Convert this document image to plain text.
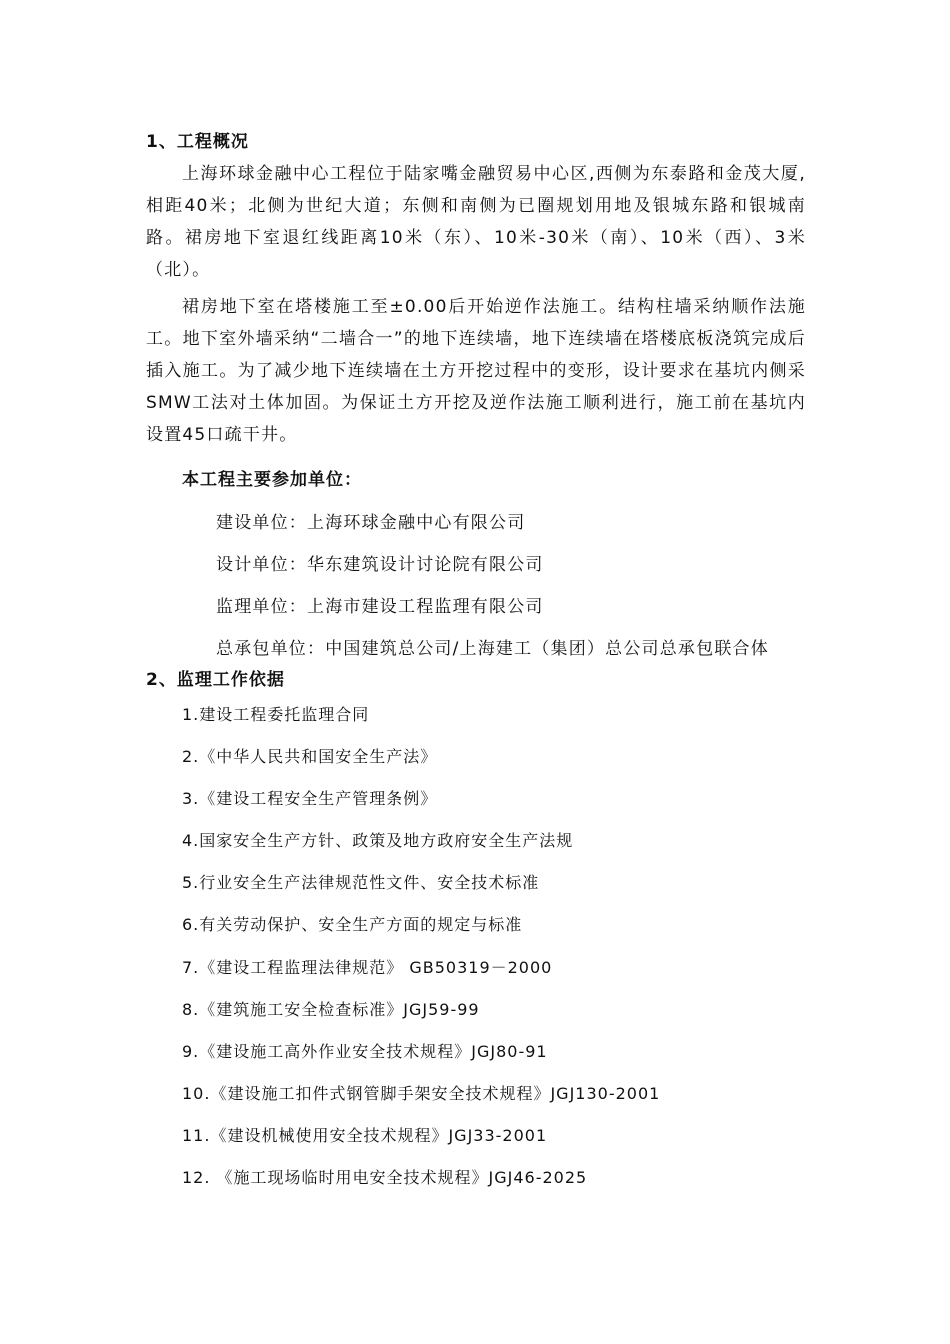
1、工程概况
上海环球金融中心工程位于陆家嘴金融贸易中心区,西侧为东泰路和金茂大厦,相距40米；北侧为世纪大道；东侧和南侧为已圈规划用地及银城东路和银城南路。裙房地下室退红线距离10米（东）、10米-30米（南）、10米（西）、3米（北）。
裙房地下室在塔楼施工至±0.00后开始逆作法施工。结构柱墙采纳顺作法施工。地下室外墙采纳“二墙合一”的地下连续墙，地下连续墙在塔楼底板浇筑完成后插入施工。为了减少地下连续墙在土方开挖过程中的变形，设计要求在基坑内侧采SMW工法对土体加固。为保证土方开挖及逆作法施工顺利进行，施工前在基坑内设置45口疏干井。
本工程主要参加单位：
建设单位：上海环球金融中心有限公司
设计单位：华东建筑设计讨论院有限公司
监理单位：上海市建设工程监理有限公司
总承包单位：中国建筑总公司/上海建工（集团）总公司总承包联合体
2、监理工作依据
1.建设工程委托监理合同
2.《中华人民共和国安全生产法》
3.《建设工程安全生产管理条例》
4.国家安全生产方针、政策及地方政府安全生产法规
5.行业安全生产法律规范性文件、安全技术标准
6.有关劳动保护、安全生产方面的规定与标准
7.《建设工程监理法律规范》 GB50319－2000
8.《建筑施工安全检查标准》JGJ59-99
9.《建设施工高外作业安全技术规程》JGJ80-91
10.《建设施工扣件式钢管脚手架安全技术规程》JGJ130-2001
11.《建设机械使用安全技术规程》JGJ33-2001
12. 《施工现场临时用电安全技术规程》JGJ46-2025
